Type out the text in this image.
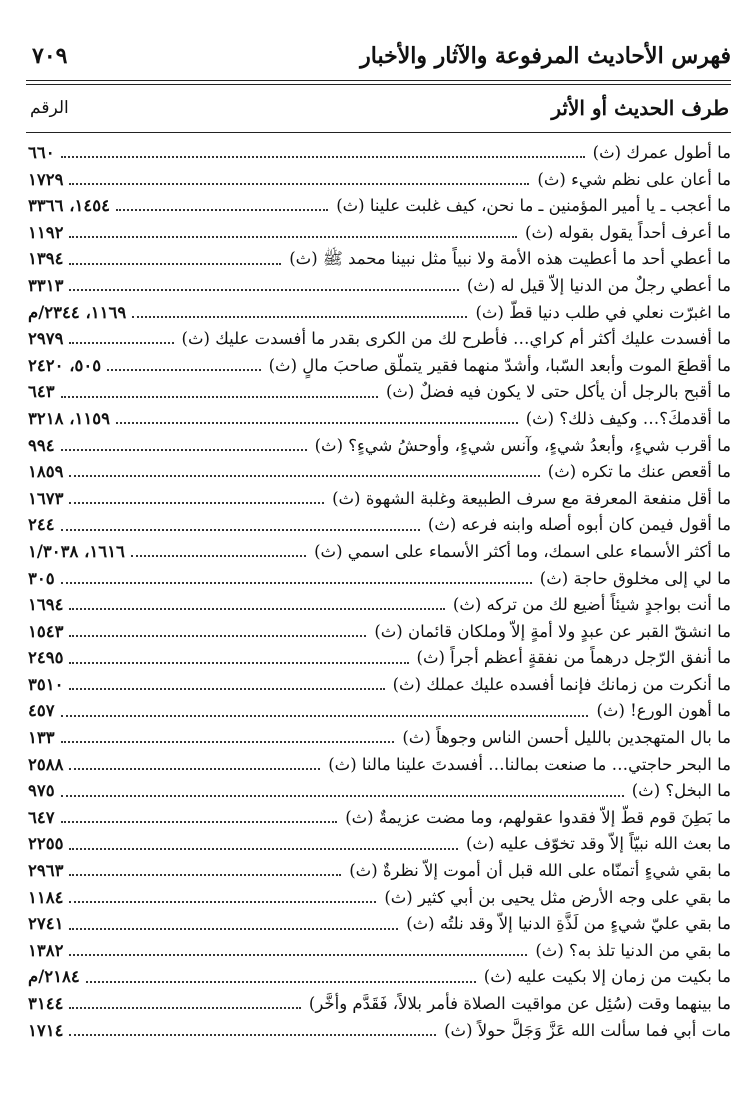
فهرس الأحاديث المرفوعة والآثار والأخبار
٧٠٩
طرف الحديث أو الأثر
الرقم
ما أطول عمرك (ث)
٦٦٠
ما أعان على نظم شيء (ث)
١٧٢٩
ما أعجب ـ يا أمير المؤمنين ـ ما نحن، كيف غلبت علينا (ث)
١٤٥٤، ٣٣٦٦
ما أعرف أحداً يقول بقوله (ث)
١١٩٢
ما أعطي أحد ما أعطيت هذه الأمة ولا نبياً مثل نبينا محمد ﷺ (ث)
١٣٩٤
ما أعطي رجلٌ من الدنيا إلاّ قيل له (ث)
٣٣١٣
ما اغبرّت نعلي في طلب دنيا قطّ (ث)
١١٦٩، ٢٣٤٤/م
ما أفسدت عليك أكثر أم كراي… فأطرح لك من الكرى بقدر ما أفسدت عليك (ث)
٢٩٧٩
ما أقطعَ الموت وأبعد السّبا، وأشدّ منهما فقير يتملّق صاحبَ مالٍ (ث)
٥٠٥، ٢٤٢٠
ما أقبح بالرجل أن يأكل حتى لا يكون فيه فضلٌ (ث)
٦٤٣
ما أقدمكَ؟… وكيف ذلك؟ (ث)
١١٥٩، ٣٢١٨
ما أقرب شيءٍ، وأبعدُ شيءٍ، وآنس شيءٍ، وأوحشُ شيءٍ؟ (ث)
٩٩٤
ما أقعص عنك ما تكره (ث)
١٨٥٩
ما أقل منفعة المعرفة مع سرف الطبيعة وغلبة الشهوة (ث)
١٦٧٣
ما أقول فيمن كان أبوه أصله وابنه فرعه (ث)
٢٤٤
ما أكثر الأسماء على اسمك، وما أكثر الأسماء على اسمي (ث)
١٦١٦، ١/٣٠٣٨
ما لي إلى مخلوق حاجة (ث)
٣٠٥
ما أنت بواجدٍ شيئاً أضيع لك من تركه (ث)
١٦٩٤
ما انشقّ القبر عن عبدٍ ولا أمةٍ إلاّ وملكان قائمان (ث)
١٥٤٣
ما أنفق الرّجل درهماً من نفقةٍ أعظم أجراً (ث)
٢٤٩٥
ما أنكرت من زمانك فإنما أفسده عليك عملك (ث)
٣٥١٠
ما أهون الورع! (ث)
٤٥٧
ما بال المتهجدين بالليل أحسن الناس وجوهاً (ث)
١٣٣
ما البحر حاجتي… ما صنعت بمالنا… أفسدتَ علينا مالنا (ث)
٢٥٨٨
ما البخل؟ (ث)
٩٧٥
ما بَطِنَ قوم قطُّ إلاّ فقدوا عقولهم، وما مضت عزيمةٌ (ث)
٦٤٧
ما بعث الله نبيّاً إلاّ وقد تخوّف عليه (ث)
٢٢٥٥
ما بقي شيءٍ أتمنّاه على الله قبل أن أموت إلاّ نظرةٌ (ث)
٢٩٦٣
ما بقي على وجه الأرض مثل يحيى بن أبي كثير (ث)
١١٨٤
ما بقي عليّ شيءٍ من لَذَّةِ الدنيا إلاّ وقد نلتُه (ث)
٢٧٤١
ما بقي من الدنيا تلذ به؟ (ث)
١٣٨٢
ما بكيت من زمان إلا بكيت عليه (ث)
٢١٨٤/م
ما بينهما وقت (سُئِل عن مواقيت الصلاة فأمر بلالاً، فَقَدَّم وأخَّر)
٣١٤٤
مات أبي فما سألت الله عَزَّ وَجَلَّ حولاً (ث)
١٧١٤
